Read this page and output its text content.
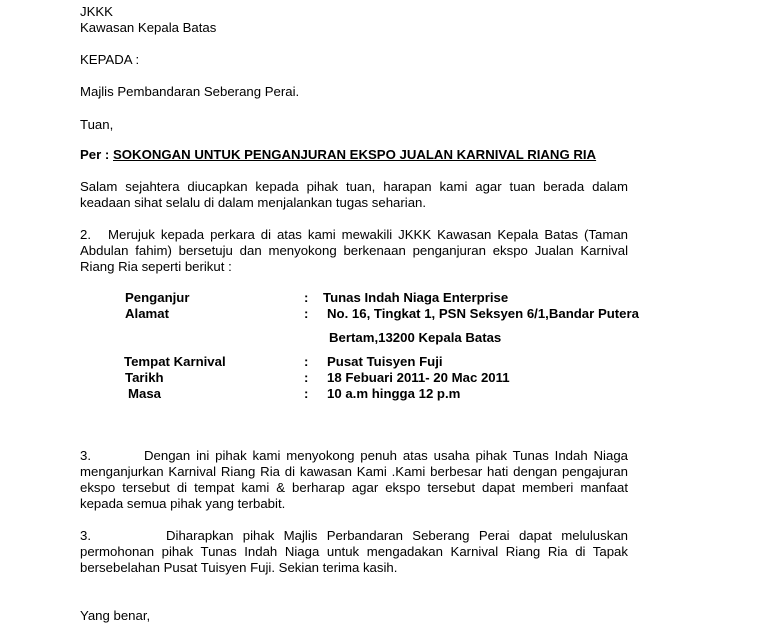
JKKK
Kawasan Kepala Batas
KEPADA :
Majlis Pembandaran Seberang Perai.
Tuan,
Per : SOKONGAN UNTUK PENGANJURAN EKSPO JUALAN KARNIVAL RIANG RIA
Salam sejahtera diucapkan kepada pihak tuan, harapan kami agar tuan berada dalam keadaan sihat selalu di dalam menjalankan tugas seharian.
2. Merujuk kepada perkara di atas kami mewakili JKKK Kawasan Kepala Batas (Taman Abdulan fahim) bersetuju dan menyokong berkenaan penganjuran ekspo Jualan Karnival Riang Ria seperti berikut :
Penganjur	: Tunas Indah Niaga Enterprise
Alamat	: No. 16, Tingkat 1, PSN Seksyen 6/1,Bandar Putera
Bertam,13200 Kepala Batas
Tempat Karnival	: Pusat Tuisyen Fuji
Tarikh	: 18 Febuari 2011- 20 Mac 2011
Masa	: 10 a.m hingga 12 p.m
3.	Dengan ini pihak kami menyokong penuh atas usaha pihak Tunas Indah Niaga menganjurkan Karnival Riang Ria di kawasan Kami .Kami berbesar hati dengan pengajuran ekspo tersebut di tempat kami & berharap agar ekspo tersebut dapat memberi manfaat kepada semua pihak yang terbabit.
3.	Diharapkan pihak Majlis Perbandaran Seberang Perai dapat meluluskan permohonan pihak Tunas Indah Niaga untuk mengadakan Karnival Riang Ria di Tapak bersebelahan Pusat Tuisyen Fuji. Sekian terima kasih.
Yang benar,
